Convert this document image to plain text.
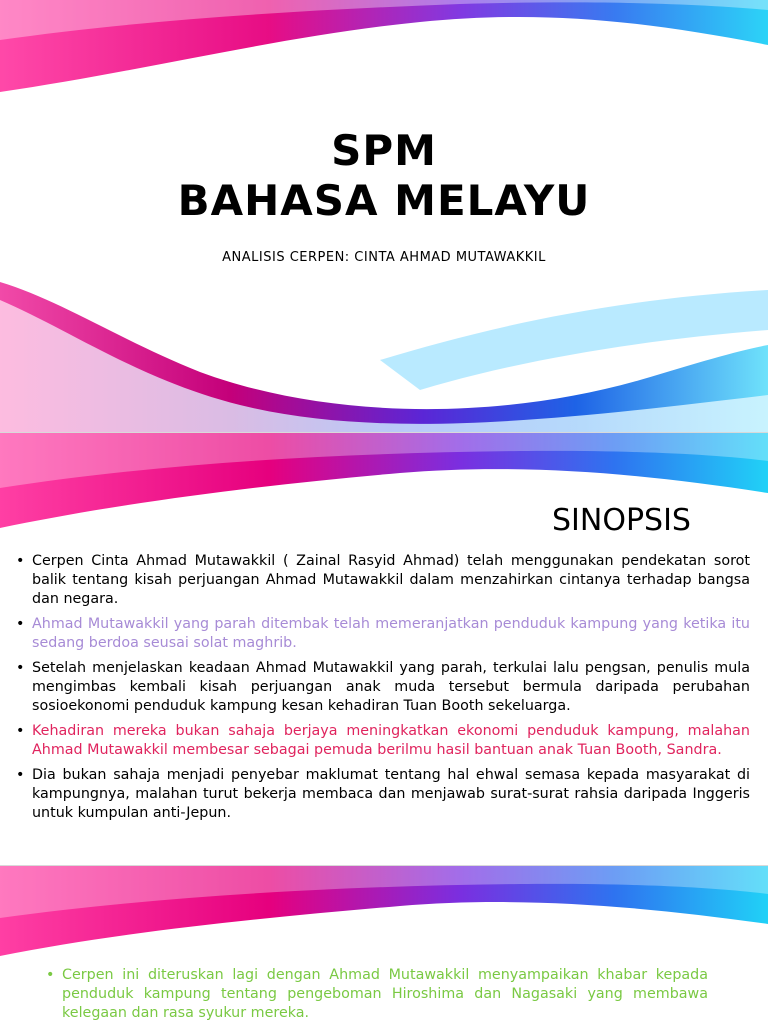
SPM
BAHASA MELAYU
ANALISIS CERPEN: CINTA AHMAD MUTAWAKKIL
SINOPSIS
• Cerpen Cinta Ahmad Mutawakkil ( Zainal Rasyid Ahmad) telah menggunakan pendekatan sorot balik tentang kisah perjuangan Ahmad Mutawakkil dalam menzahirkan cintanya terhadap bangsa dan negara.
• Ahmad Mutawakkil yang parah ditembak telah memeranjatkan penduduk kampung yang ketika itu sedang berdoa seusai solat maghrib.
• Setelah menjelaskan keadaan Ahmad Mutawakkil yang parah, terkulai lalu pengsan, penulis mula mengimbas kembali kisah perjuangan anak muda tersebut bermula daripada perubahan sosioekonomi penduduk kampung kesan kehadiran Tuan Booth sekeluarga.
• Kehadiran mereka bukan sahaja berjaya meningkatkan ekonomi penduduk kampung, malahan Ahmad Mutawakkil membesar sebagai pemuda berilmu hasil bantuan anak Tuan Booth, Sandra.
• Dia bukan sahaja menjadi penyebar maklumat tentang hal ehwal semasa kepada masyarakat di kampungnya, malahan turut bekerja membaca dan menjawab surat-surat rahsia daripada Inggeris untuk kumpulan anti-Jepun.
• Cerpen ini diteruskan lagi dengan Ahmad Mutawakkil menyampaikan khabar kepada penduduk kampung tentang pengeboman Hiroshima dan Nagasaki yang membawa kelegaan dan rasa syukur mereka.
